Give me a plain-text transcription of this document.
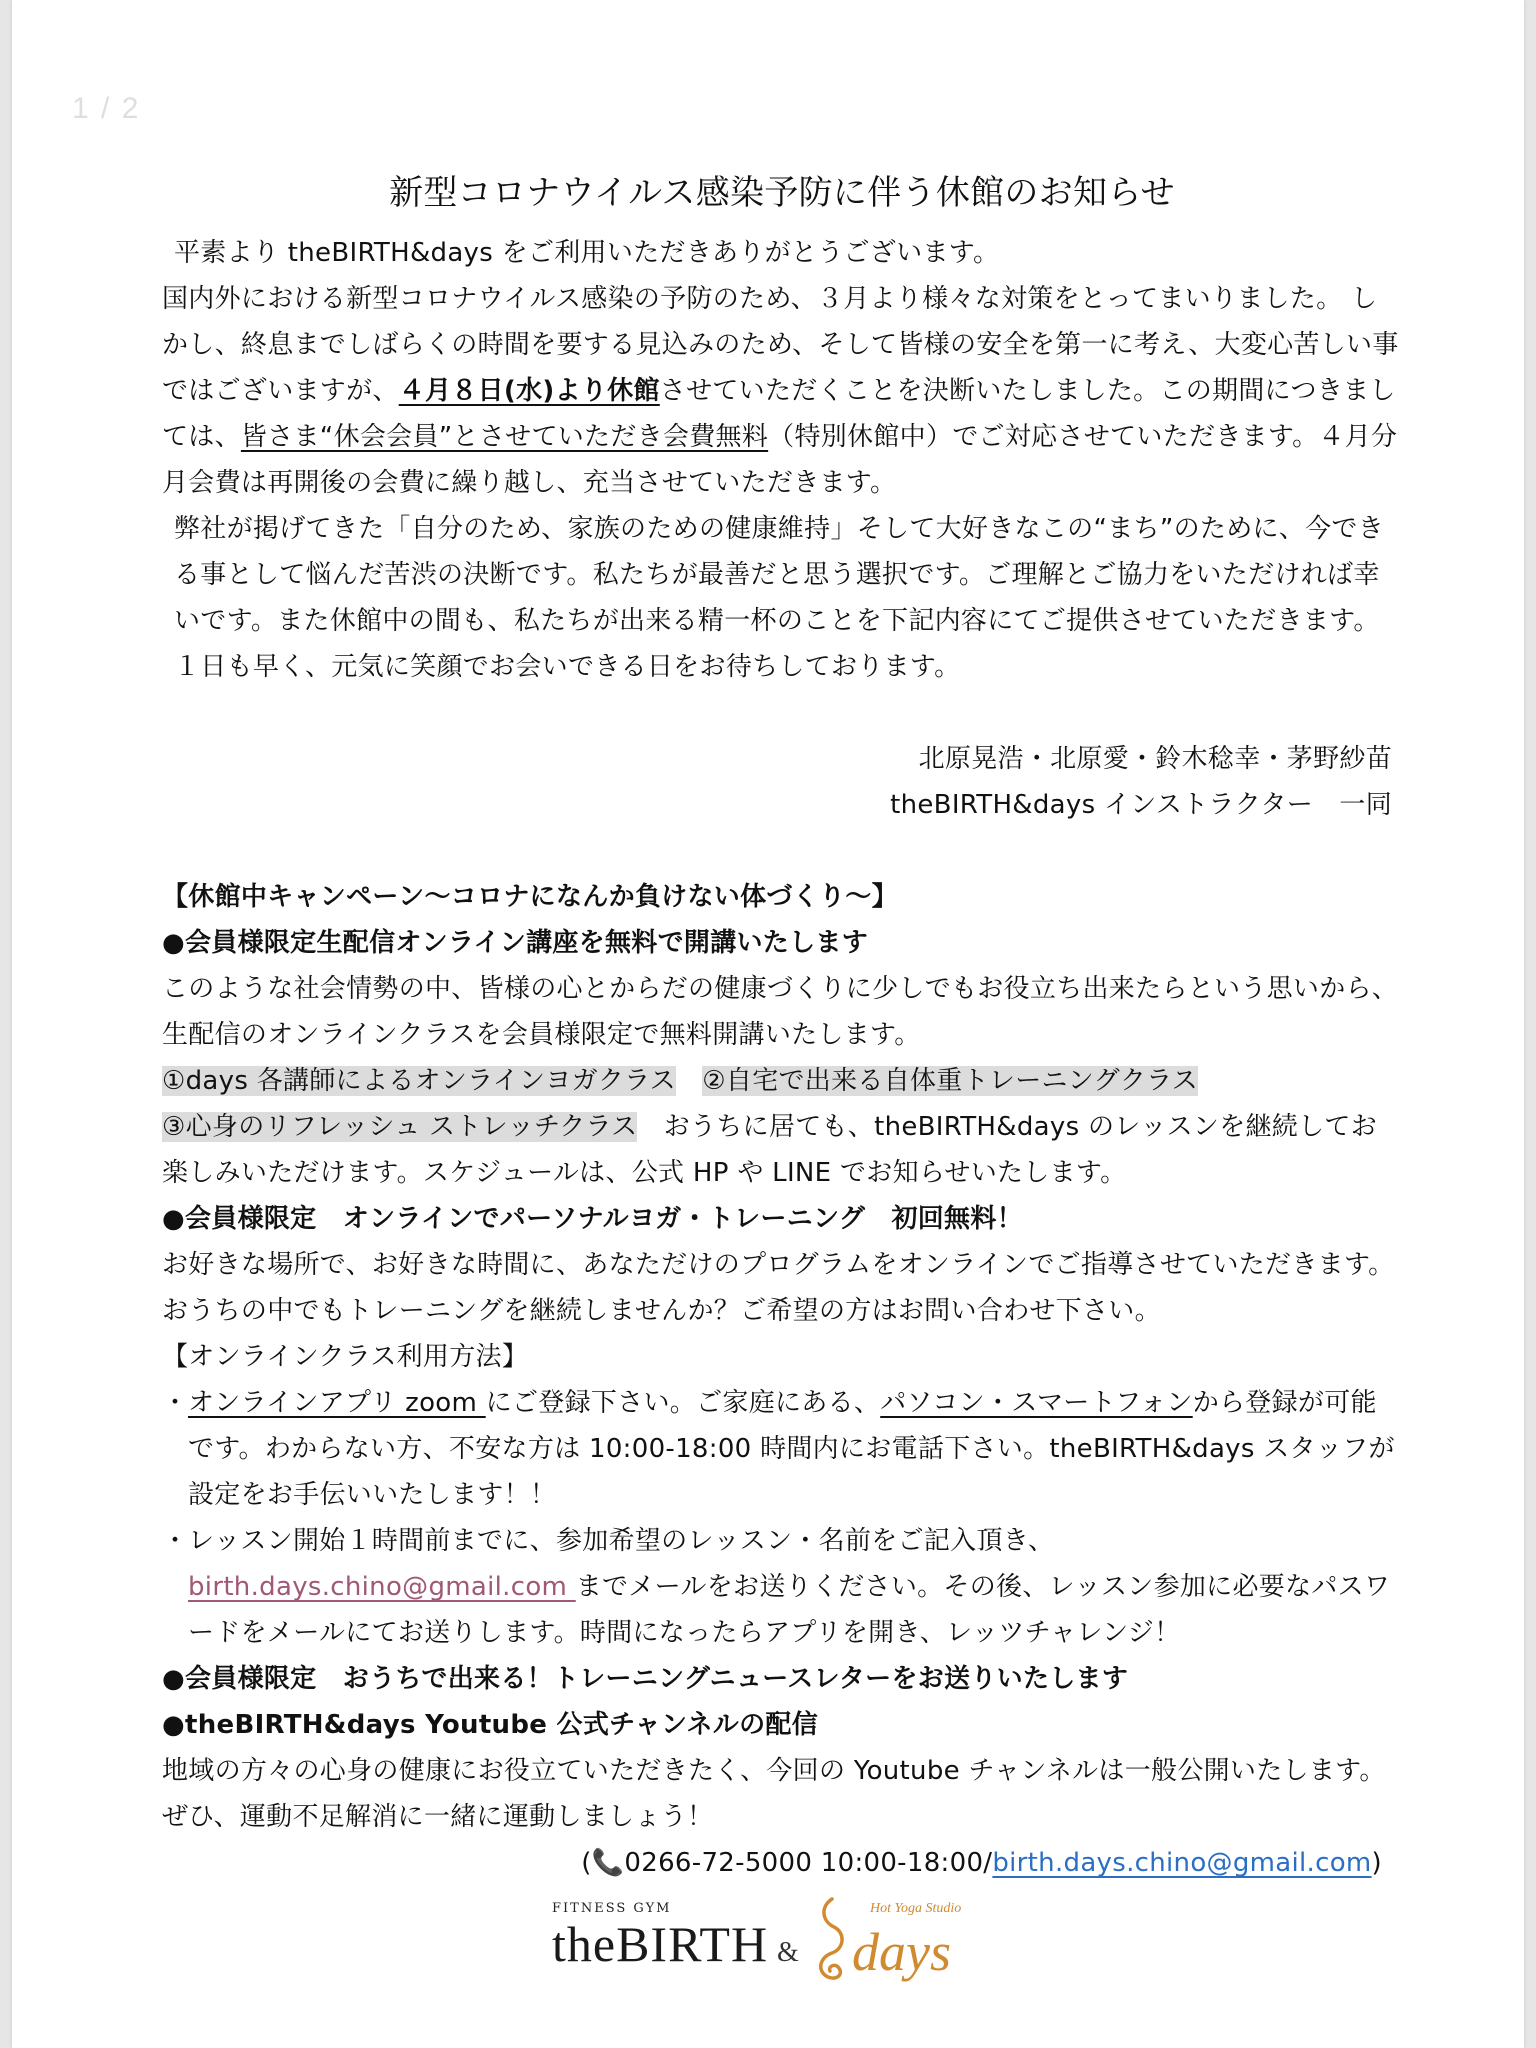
1 / 2
新型コロナウイルス感染予防に伴う休館のお知らせ

平素より theBIRTH&days をご利用いただきありがとうございます。

国内外における新型コロナウイルス感染の予防のため、３月より様々な対策をとってまいりました。 しかし、終息までしばらくの時間を要する見込みのため、そして皆様の安全を第一に考え、大変心苦しい事ではございますが、４月８日(水)より休館させていただくことを決断いたしました。この期間につきましては、皆さま“休会会員”とさせていただき会費無料（特別休館中）でご対応させていただきます。４月分月会費は再開後の会費に繰り越し、充当させていただきます。

弊社が掲げてきた「自分のため、家族のための健康維持」そして大好きなこの“まち”のために、今できる事として悩んだ苦渋の決断です。私たちが最善だと思う選択です。ご理解とご協力をいただければ幸いです。また休館中の間も、私たちが出来る精一杯のことを下記内容にてご提供させていただきます。１日も早く、元気に笑顔でお会いできる日をお待ちしております。

北原晃浩・北原愛・鈴木稔幸・茅野紗苗

theBIRTH&days インストラクター　一同

【休館中キャンペーン～コロナになんか負けない体づくり～】

●会員様限定生配信オンライン講座を無料で開講いたします

このような社会情勢の中、皆様の心とからだの健康づくりに少しでもお役立ち出来たらという思いから、生配信のオンラインクラスを会員様限定で無料開講いたします。

①days 各講師によるオンラインヨガクラス　 ②自宅で出来る自体重トレーニングクラス
③心身のリフレッシュ ストレッチクラス　 おうちに居ても、theBIRTH&days のレッスンを継続してお楽しみいただけます。スケジュールは、公式 HP や LINE でお知らせいたします。

●会員様限定　オンラインでパーソナルヨガ・トレーニング　初回無料！

お好きな場所で、お好きな時間に、あなただけのプログラムをオンラインでご指導させていただきます。おうちの中でもトレーニングを継続しませんか？ご希望の方はお問い合わせ下さい。

【オンラインクラス利用方法】

・ オンラインアプリ zoom にご登録下さい。ご家庭にある、パソコン・スマートフォンから登録が可能です。わからない方、不安な方は 10:00-18:00 時間内にお電話下さい。theBIRTH&days スタッフが設定をお手伝いいたします！！
・ レッスン開始１時間前までに、参加希望のレッスン・名前をご記入頂き、
birth.days.chino@gmail.com までメールをお送りください。その後、レッスン参加に必要なパスワードをメールにてお送りします。時間になったらアプリを開き、レッツチャレンジ！

●会員様限定　おうちで出来る！トレーニングニュースレターをお送りいたします

●theBIRTH&days Youtube 公式チャンネルの配信

地域の方々の心身の健康にお役立ていただきたく、今回の Youtube チャンネルは一般公開いたします。ぜひ、運動不足解消に一緒に運動しましょう！

(📞0266-72-5000 10:00-18:00/birth.days.chino@gmail.com)

FITNESS GYM
theBIRTH &
Hot Yoga Studio
days
